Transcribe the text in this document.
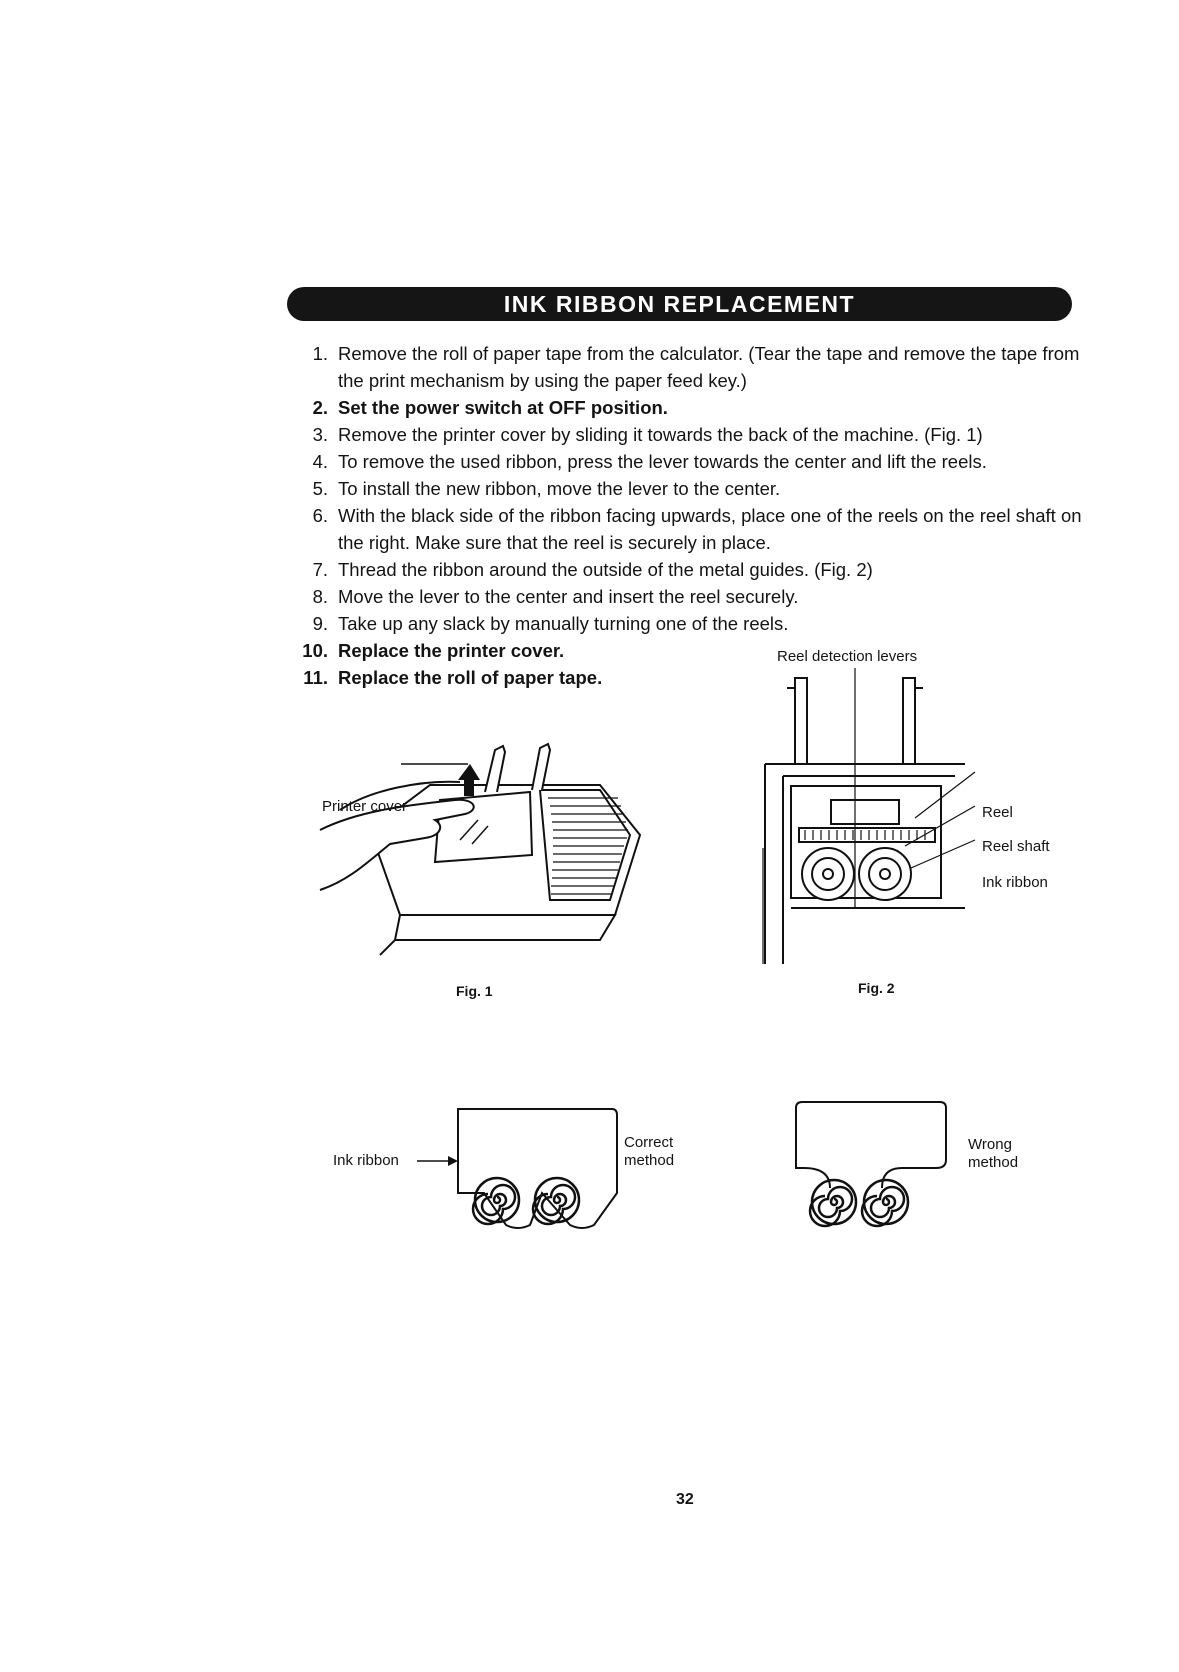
INK RIBBON REPLACEMENT
1. Remove the roll of paper tape from the calculator. (Tear the tape and remove the tape from the print mechanism by using the paper feed key.)
2. Set the power switch at OFF position.
3. Remove the printer cover by sliding it towards the back of the machine. (Fig. 1)
4. To remove the used ribbon, press the lever towards the center and lift the reels.
5. To install the new ribbon, move the lever to the center.
6. With the black side of the ribbon facing upwards, place one of the reels on the reel shaft on the right. Make sure that the reel is securely in place.
7. Thread the ribbon around the outside of the metal guides. (Fig. 2)
8. Move the lever to the center and insert the reel securely.
9. Take up any slack by manually turning one of the reels.
10. Replace the printer cover.
11. Replace the roll of paper tape.
Printer cover
Fig. 1
Reel detection levers
Reel
Reel shaft
Ink ribbon
Fig. 2
Ink ribbon
Correct
method
Wrong
method
32
